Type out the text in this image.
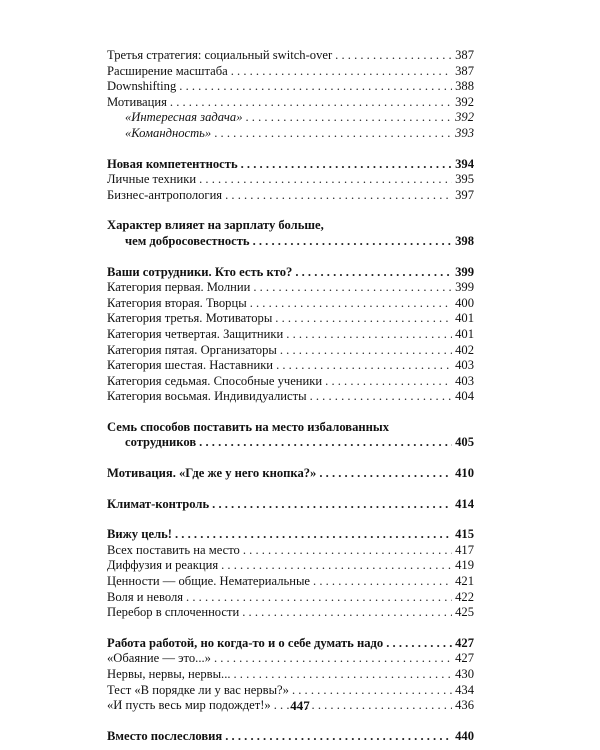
Третья стратегия: социальный switch-over . . .	387
Расширение масштаба . . .	387
Downshifting . . .	388
Мотивация . . .	392
«Интересная задача» . . .	392
«Командность» . . .	393
Новая компетентность . . .	394
Личные техники . . .	395
Бизнес-антропология . . .	397
Характер влияет на зарплату больше,
чем добросовестность . . .	398
Ваши сотрудники. Кто есть кто? . . .	399
Категория первая. Молнии . . .	399
Категория вторая. Творцы . . .	400
Категория третья. Мотиваторы . . .	401
Категория четвертая. Защитники . . .	401
Категория пятая. Организаторы . . .	402
Категория шестая. Наставники . . .	403
Категория седьмая. Способные ученики . . .	403
Категория восьмая. Индивидуалисты . . .	404
Семь способов поставить на место избалованных
сотрудников . . .	405
Мотивация. «Где же у него кнопка?» . . .	410
Климат-контроль . . .	414
Вижу цель! . . .	415
Всех поставить на место . . .	417
Диффузия и реакция . . .	419
Ценности — общие. Нематериальные . . .	421
Воля и неволя . . .	422
Перебор в сплоченности . . .	425
Работа работой, но когда-то и о себе думать надо . . .	427
«Обаяние — это...» . . .	427
Нервы, нервы, нервы... . . .	430
Тест «В порядке ли у вас нервы?» . . .	434
«И пусть весь мир подождет!» . . .	436
Вместо послесловия . . .	440
447
